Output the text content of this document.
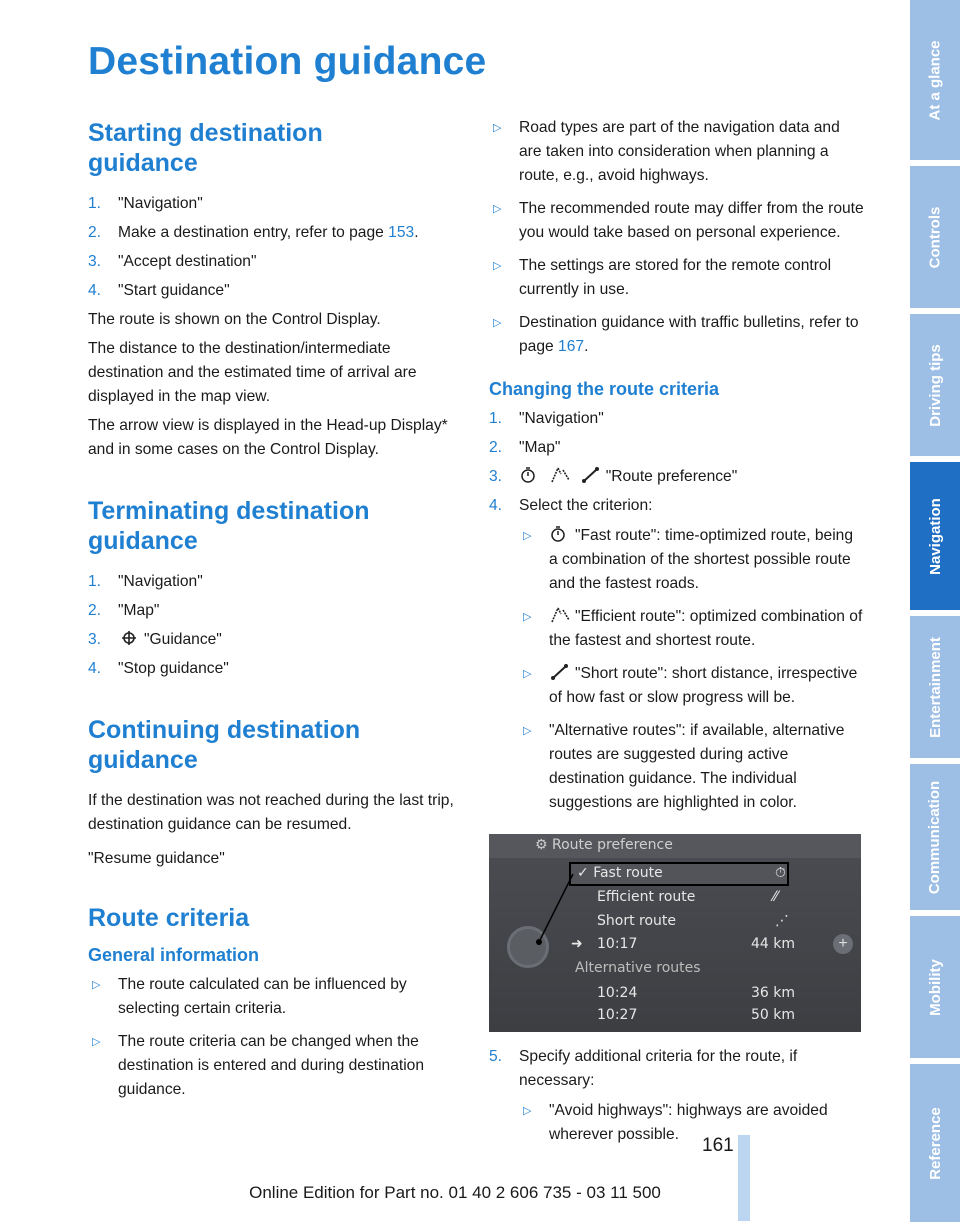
Destination guidance
Starting destination guidance
1. "Navigation"
2. Make a destination entry, refer to page 153.
3. "Accept destination"
4. "Start guidance"

The route is shown on the Control Display.

The distance to the destination/intermediate destination and the estimated time of arrival are displayed in the map view.

The arrow view is displayed in the Head-up Display* and in some cases on the Control Display.

Terminating destination guidance
1. "Navigation"
2. "Map"
3.	"Guidance"
4. "Stop guidance"
Continuing destination guidance

If the destination was not reached during the last trip, destination guidance can be resumed.

"Resume guidance"

Route criteria
General information
▷ The route calculated can be influenced by selecting certain criteria.
▷ The route criteria can be changed when the destination is entered and during destination guidance.
▷ Road types are part of the navigation data and are taken into consideration when planning a route, e.g., avoid highways.
▷ The recommended route may differ from the route you would take based on personal experience.
▷ The settings are stored for the remote control currently in use.
▷ Destination guidance with traffic bulletins, refer to page 167.
Changing the route criteria
1. "Navigation"
2. "Map"
3.	"Route preference"
4. Select the criterion:
▷	"Fast route": time-optimized route, being a combination of the shortest possible route and the fastest roads.
▷	"Efficient route": optimized combination of the fastest and shortest route.
▷	"Short route": short distance, irrespective of how fast or slow progress will be.
▷ "Alternative routes": if available, alternative routes are suggested during active destination guidance. The individual suggestions are highlighted in color.
⚙ Route preference
✓ Fast route	⏱
Efficient route	⁄⁄
Short route	⋰
➜ 10:17	44 km
Alternative routes
10:24	36 km
10:27	50 km
+
5. Specify additional criteria for the route, if necessary:
▷ "Avoid highways": highways are avoided wherever possible.
At a glance
Controls
Driving tips
Navigation
Entertainment
Communication
Mobility
Reference
161
Online Edition for Part no. 01 40 2 606 735 - 03 11 500
